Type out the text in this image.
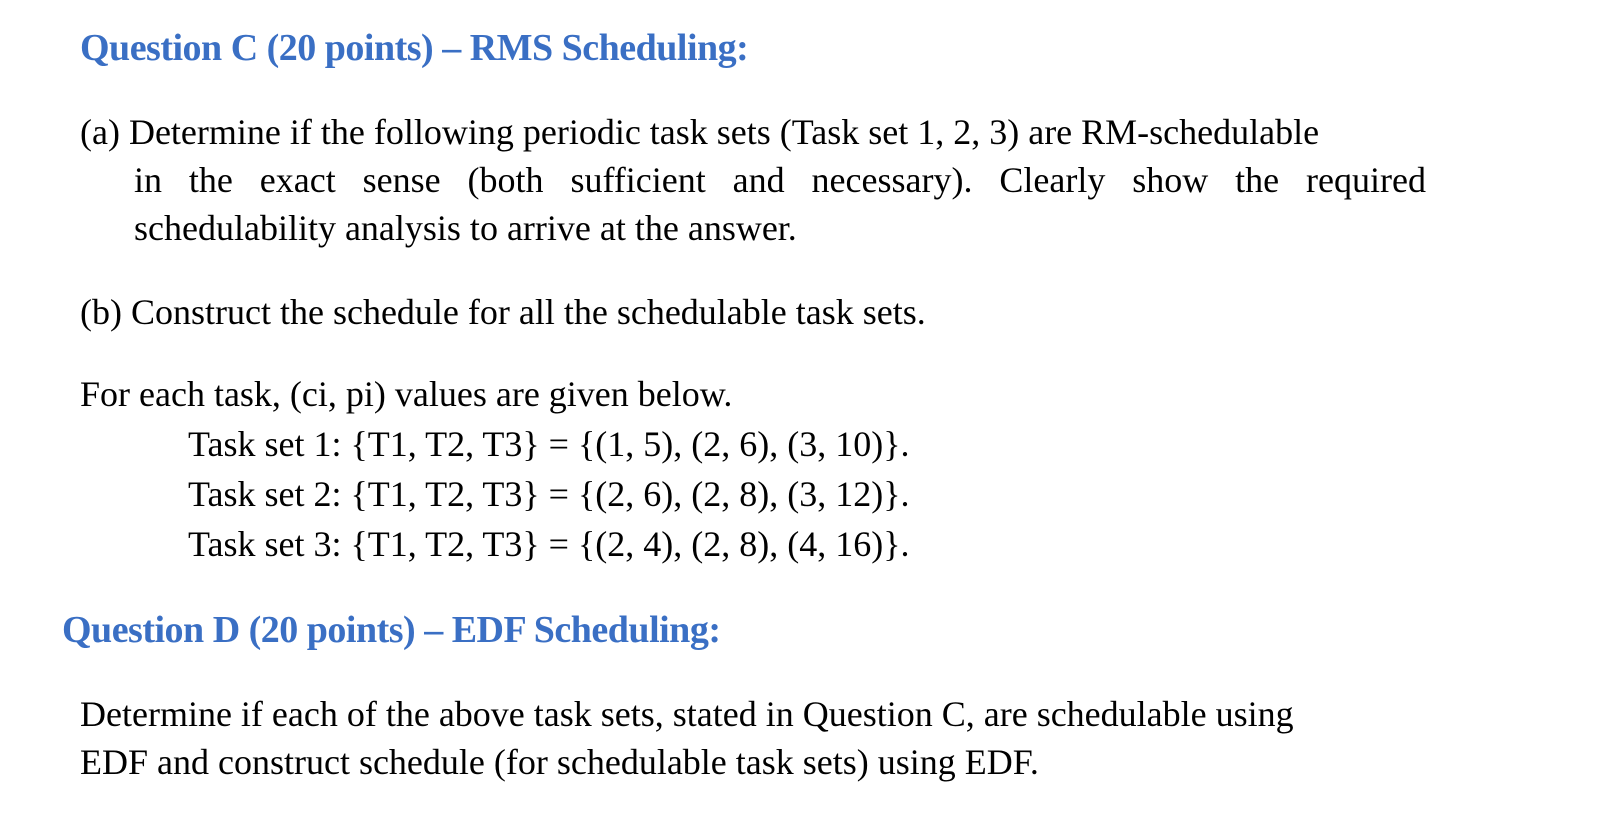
Question C (20 points) – RMS Scheduling:
(a) Determine if the following periodic task sets (Task set 1, 2, 3) are RM-schedulable
in the exact sense (both sufficient and necessary). Clearly show the required
schedulability analysis to arrive at the answer.
(b) Construct the schedule for all the schedulable task sets.
For each task, (ci, pi) values are given below.
Task set 1: {T1, T2, T3} = {(1, 5), (2, 6), (3, 10)}.
Task set 2: {T1, T2, T3} = {(2, 6), (2, 8), (3, 12)}.
Task set 3: {T1, T2, T3} = {(2, 4), (2, 8), (4, 16)}.
Question D (20 points) – EDF Scheduling:
Determine if each of the above task sets, stated in Question C, are schedulable using
EDF and construct schedule (for schedulable task sets) using EDF.
